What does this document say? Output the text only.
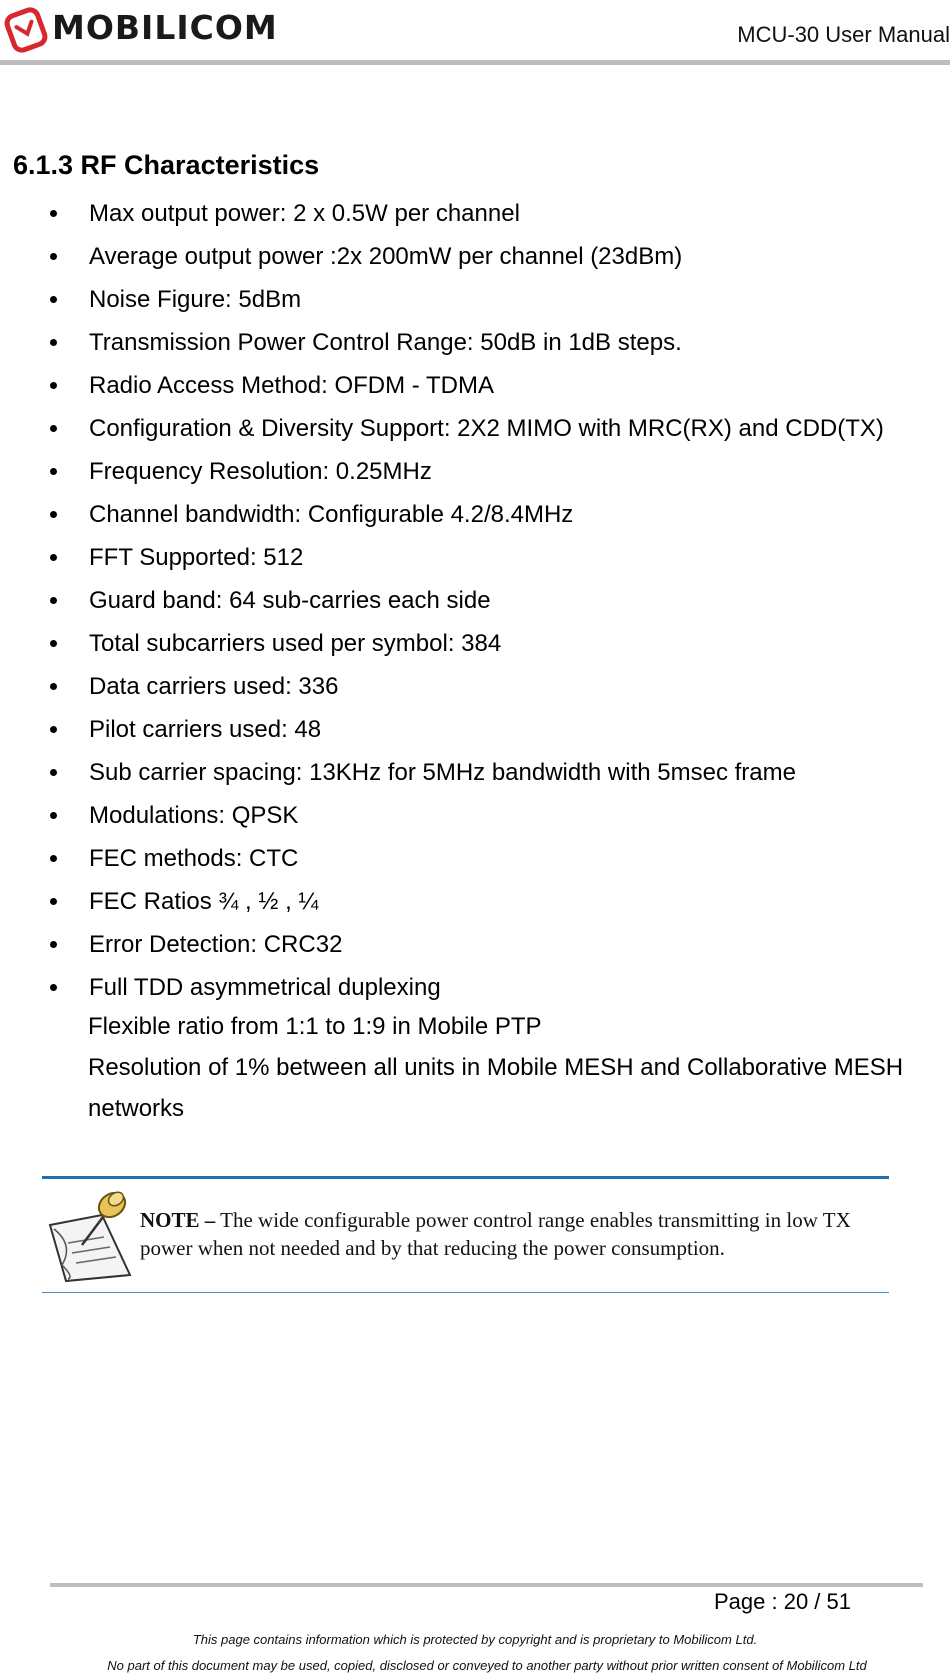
MOBILICOM	MCU-30 User Manual
6.1.3 RF Characteristics
Max output power: 2 x 0.5W per channel
Average output power :2x 200mW per channel (23dBm)
Noise Figure: 5dBm
Transmission Power Control Range: 50dB in 1dB steps.
Radio Access Method: OFDM - TDMA
Configuration & Diversity Support: 2X2 MIMO with MRC(RX) and CDD(TX)
Frequency Resolution: 0.25MHz
Channel bandwidth: Configurable 4.2/8.4MHz
FFT Supported: 512
Guard band: 64 sub-carries each side
Total subcarriers used per symbol: 384
Data carriers used: 336
Pilot carriers used: 48
Sub carrier spacing: 13KHz for 5MHz bandwidth with 5msec frame
Modulations: QPSK
FEC methods: CTC
FEC Ratios ¾ , ½ , ¼
Error Detection: CRC32
Full TDD asymmetrical duplexing
Flexible ratio from 1:1 to 1:9 in Mobile PTP
Resolution of 1% between all units in Mobile MESH and Collaborative MESH
networks
NOTE – The wide configurable power control range enables transmitting in low TX power when not needed and by that reducing the power consumption.
Page : 20 / 51
This page contains information which is protected by copyright and is proprietary to Mobilicom Ltd.
No part of this document may be used, copied, disclosed or conveyed to another party without prior written consent of Mobilicom Ltd
